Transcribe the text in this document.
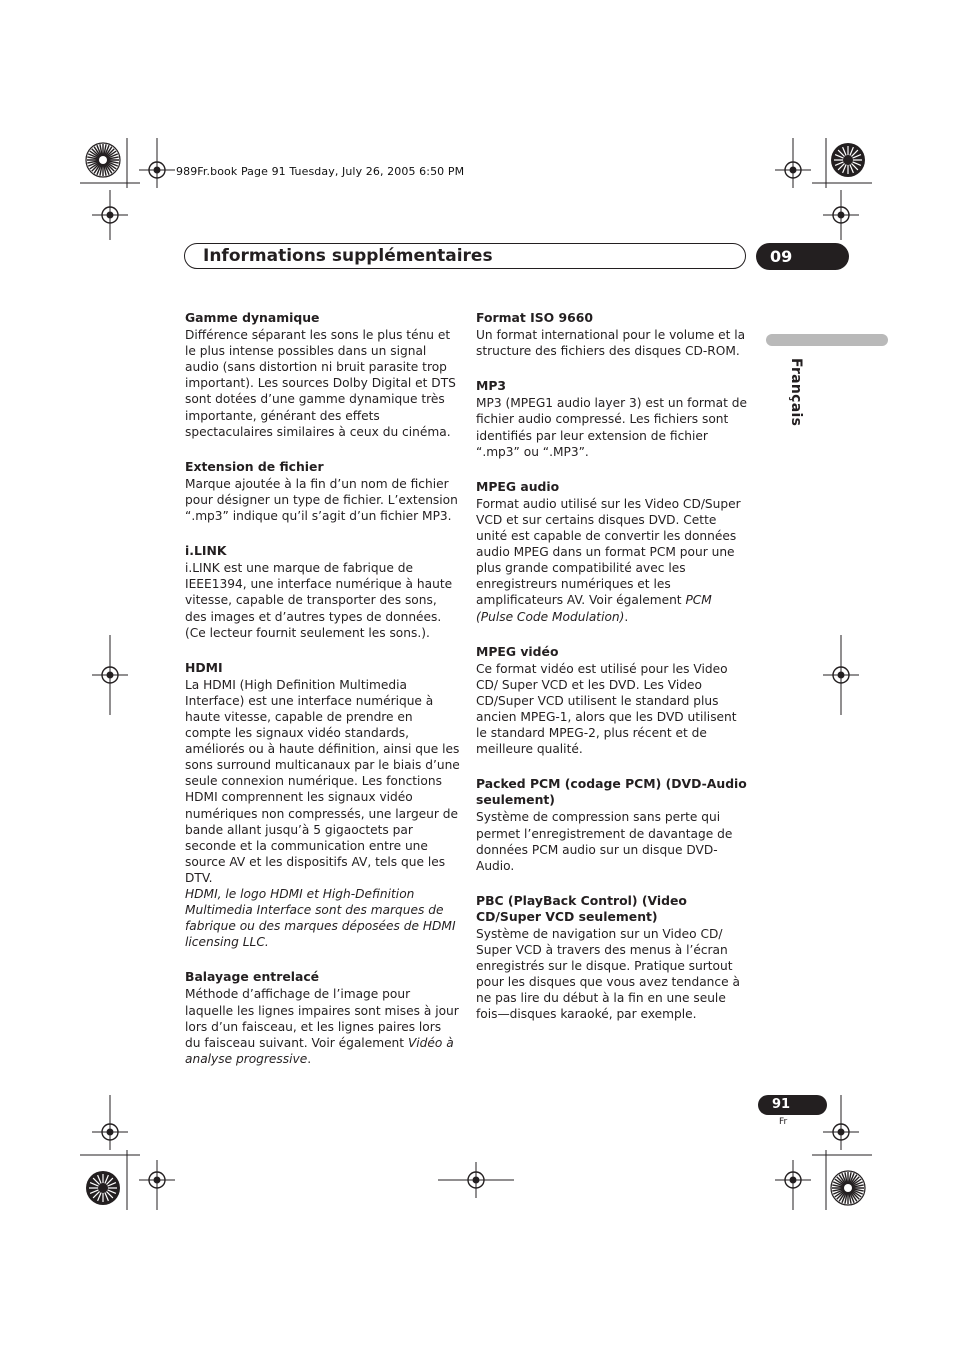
989Fr.book Page 91 Tuesday, July 26, 2005 6:50 PM
Informations supplémentaires	09
Français

Gamme dynamique

Différence séparant les sons le plus ténu et le plus intense possibles dans un signal audio (sans distortion ni bruit parasite trop important). Les sources Dolby Digital et DTS sont dotées d’une gamme dynamique très importante, générant des effets spectaculaires similaires à ceux du cinéma.

Extension de fichier

Marque ajoutée à la fin d’un nom de fichier pour désigner un type de fichier. L’extension “.mp3” indique qu’il s’agit d’un fichier MP3.

i.LINK

i.LINK est une marque de fabrique de IEEE1394, une interface numérique à haute vitesse, capable de transporter des sons, des images et d’autres types de données. (Ce lecteur fournit seulement les sons.).

HDMI

La HDMI (High Definition Multimedia Interface) est une interface numérique à haute vitesse, capable de prendre en compte les signaux vidéo standards, améliorés ou à haute définition, ainsi que les sons surround multicanaux par le biais d’une seule connexion numérique. Les fonctions HDMI comprennent les signaux vidéo numériques non compressés, une largeur de bande allant jusqu’à 5 gigaoctets par seconde et la communication entre une source AV et les dispositifs AV, tels que les DTV.

HDMI, le logo HDMI et High-Definition Multimedia Interface sont des marques de fabrique ou des marques déposées de HDMI licensing LLC.

Balayage entrelacé

Méthode d’affichage de l’image pour laquelle les lignes impaires sont mises à jour lors d’un faisceau, et les lignes paires lors du faisceau suivant. Voir également Vidéo à analyse progressive.

Format ISO 9660

Un format international pour le volume et la structure des fichiers des disques CD-ROM.

MP3

MP3 (MPEG1 audio layer 3) est un format de fichier audio compressé. Les fichiers sont identifiés par leur extension de fichier “.mp3” ou “.MP3”.

MPEG audio

Format audio utilisé sur les Video CD/Super VCD et sur certains disques DVD. Cette unité est capable de convertir les données audio MPEG dans un format PCM pour une plus grande compatibilité avec les enregistreurs numériques et les amplificateurs AV. Voir également PCM (Pulse Code Modulation).

MPEG vidéo

Ce format vidéo est utilisé pour les Video CD/ Super VCD et les DVD. Les Video CD/Super VCD utilisent le standard plus ancien MPEG-1, alors que les DVD utilisent le standard MPEG-2, plus récent et de meilleure qualité.

Packed PCM (codage PCM) (DVD-Audio seulement)

Système de compression sans perte qui permet l’enregistrement de davantage de données PCM audio sur un disque DVD-Audio.

PBC (PlayBack Control) (Video CD/Super VCD seulement)

Système de navigation sur un Video CD/ Super VCD à travers des menus à l’écran enregistrés sur le disque. Pratique surtout pour les disques que vous avez tendance à ne pas lire du début à la fin en une seule fois—disques karaoké, par exemple.

91
Fr
